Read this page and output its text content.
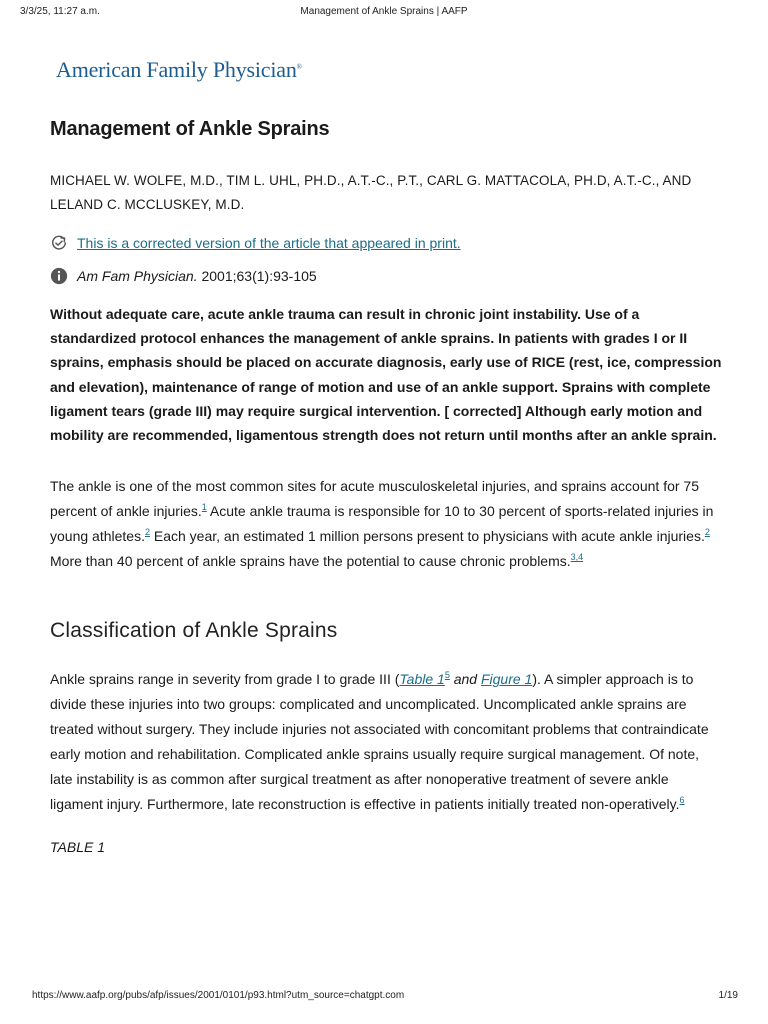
3/3/25, 11:27 a.m.	Management of Ankle Sprains | AAFP
American Family Physician®
Management of Ankle Sprains
MICHAEL W. WOLFE, M.D., TIM L. UHL, PH.D., A.T.-C., P.T., CARL G. MATTACOLA, PH.D, A.T.-C., AND LELAND C. MCCLUSKEY, M.D.
This is a corrected version of the article that appeared in print.
Am Fam Physician. 2001;63(1):93-105
Without adequate care, acute ankle trauma can result in chronic joint instability. Use of a standardized protocol enhances the management of ankle sprains. In patients with grades I or II sprains, emphasis should be placed on accurate diagnosis, early use of RICE (rest, ice, compression and elevation), maintenance of range of motion and use of an ankle support. Sprains with complete ligament tears (grade III) may require surgical intervention. [ corrected] Although early motion and mobility are recommended, ligamentous strength does not return until months after an ankle sprain.
The ankle is one of the most common sites for acute musculoskeletal injuries, and sprains account for 75 percent of ankle injuries.$^1$ Acute ankle trauma is responsible for 10 to 30 percent of sports-related injuries in young athletes.$^2$ Each year, an estimated 1 million persons present to physicians with acute ankle injuries.$^2$ More than 40 percent of ankle sprains have the potential to cause chronic problems.$^{3,4}$
Classification of Ankle Sprains
Ankle sprains range in severity from grade I to grade III (Table 1$^5$ and Figure 1). A simpler approach is to divide these injuries into two groups: complicated and uncomplicated. Uncomplicated ankle sprains are treated without surgery. They include injuries not associated with concomitant problems that contraindicate early motion and rehabilitation. Complicated ankle sprains usually require surgical management. Of note, late instability is as common after surgical treatment as after nonoperative treatment of severe ankle ligament injury. Furthermore, late reconstruction is effective in patients initially treated non-operatively.$^6$
TABLE 1
https://www.aafp.org/pubs/afp/issues/2001/0101/p93.html?utm_source=chatgpt.com	1/19
